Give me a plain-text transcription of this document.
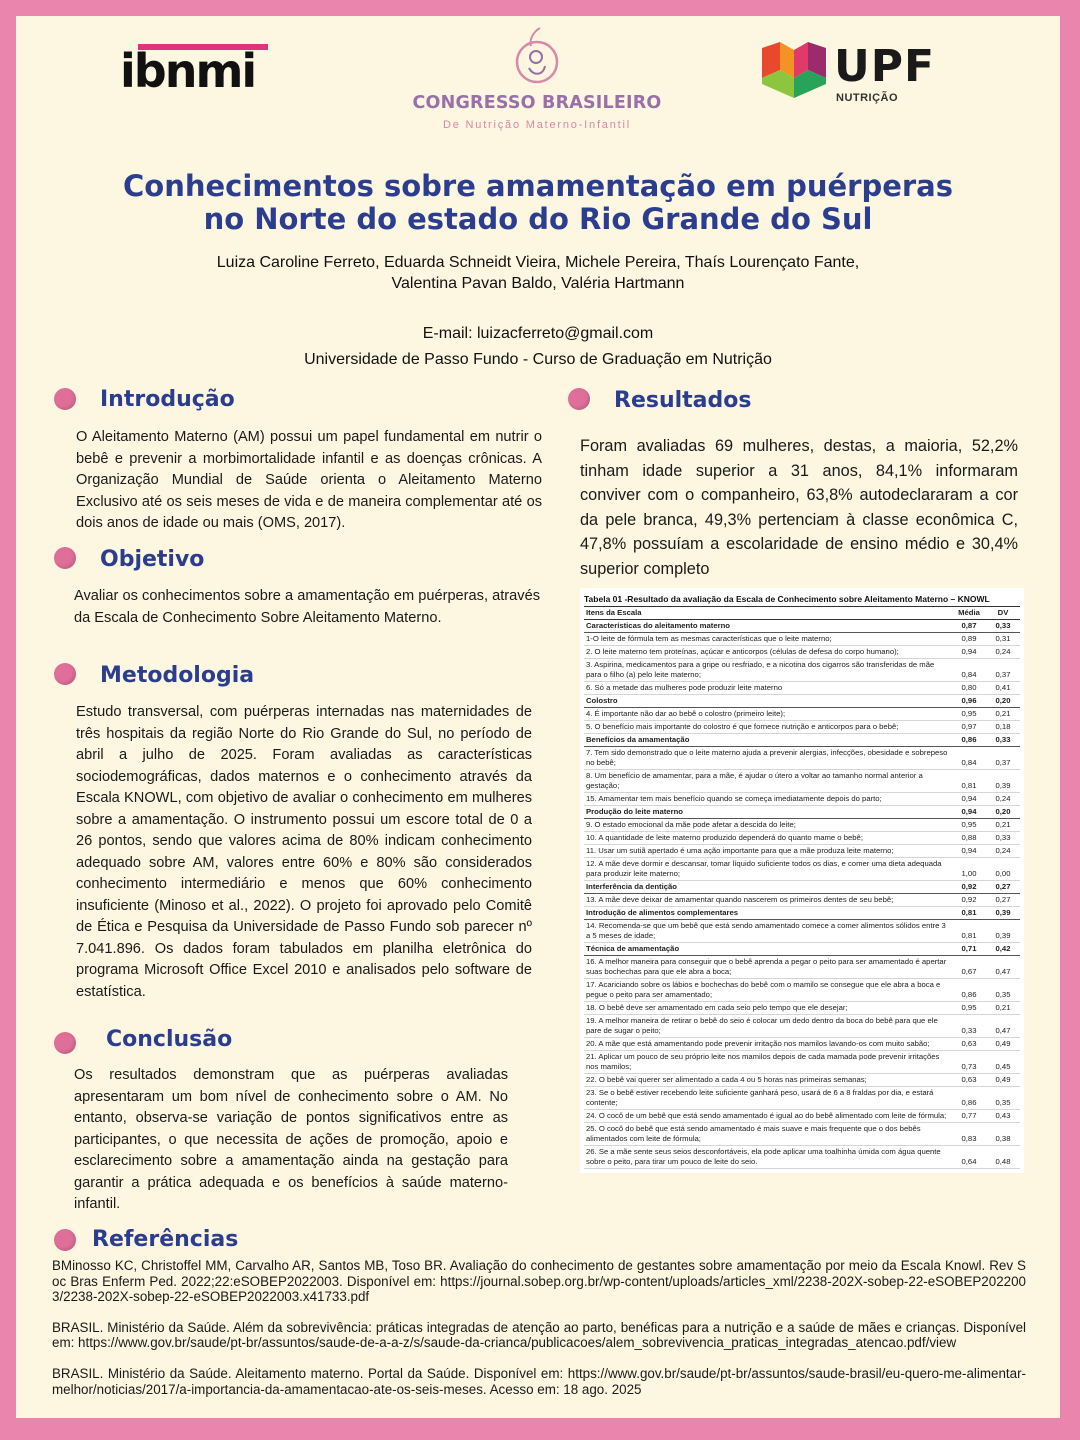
ibnmi
CONGRESSO BRASILEIRO
De Nutrição Materno-Infantil
UPF
NUTRIÇÃO
Conhecimentos sobre amamentação em puérperas
no Norte do estado do Rio Grande do Sul
Luiza Caroline Ferreto, Eduarda Schneidt Vieira, Michele Pereira, Thaís Lourençato Fante,
Valentina Pavan Baldo, Valéria Hartmann
E-mail: luizacferreto@gmail.com
Universidade de Passo Fundo - Curso de Graduação em Nutrição
Introdução
O Aleitamento Materno (AM) possui um papel fundamental em nutrir o bebê e prevenir a morbimortalidade infantil e as doenças crônicas. A Organização Mundial de Saúde orienta o Aleitamento Materno Exclusivo até os seis meses de vida e de maneira complementar até os dois anos de idade ou mais (OMS, 2017).
Objetivo
Avaliar os conhecimentos sobre a amamentação em puérperas, através da Escala de Conhecimento Sobre Aleitamento Materno.
Metodologia
Estudo transversal, com puérperas internadas nas maternidades de três hospitais da região Norte do Rio Grande do Sul, no período de abril a julho de 2025. Foram avaliadas as características sociodemográficas, dados maternos e o conhecimento através da Escala KNOWL, com objetivo de avaliar o conhecimento em mulheres sobre a amamentação. O instrumento possui um escore total de 0 a 26 pontos, sendo que valores acima de 80% indicam conhecimento adequado sobre AM, valores entre 60% e 80% são considerados conhecimento intermediário e menos que 60% conhecimento insuficiente (Minoso et al., 2022). O projeto foi aprovado pelo Comitê de Ética e Pesquisa da Universidade de Passo Fundo sob parecer nº 7.041.896. Os dados foram tabulados em planilha eletrônica do programa Microsoft Office Excel 2010 e analisados pelo software de estatística.
Conclusão
Os resultados demonstram que as puérperas avaliadas apresentaram um bom nível de conhecimento sobre o AM. No entanto, observa-se variação de pontos significativos entre as participantes, o que necessita de ações de promoção, apoio e esclarecimento sobre a amamentação ainda na gestação para garantir a prática adequada e os benefícios à saúde materno-infantil.
Resultados
Foram avaliadas 69 mulheres, destas, a maioria, 52,2% tinham idade superior a 31 anos, 84,1% informaram conviver com o companheiro, 63,8% autodeclararam a cor da pele branca, 49,3% pertenciam à classe econômica C, 47,8% possuíam a escolaridade de ensino médio e 30,4% superior completo
Tabela 01 -Resultado da avaliação da Escala de Conhecimento sobre Aleitamento Materno – KNOWL
Itens da Escala	Média	DV
Características do aleitamento materno	0,87	0,33
1-O leite de fórmula tem as mesmas características que o leite materno;	0,89	0,31
2. O leite materno tem proteínas, açúcar e anticorpos (células de defesa do corpo humano);	0,94	0,24
3. Aspirina, medicamentos para a gripe ou resfriado, e a nicotina dos cigarros são transferidas de mãe para o filho (a) pelo leite materno;	0,84	0,37
6. Só a metade das mulheres pode produzir leite materno	0,80	0,41
Colostro	0,96	0,20
4. É importante não dar ao bebê o colostro (primeiro leite);	0,95	0,21
5. O benefício mais importante do colostro é que fornece nutrição e anticorpos para o bebê;	0,97	0,18
Benefícios da amamentação	0,86	0,33
7. Tem sido demonstrado que o leite materno ajuda a prevenir alergias, infecções, obesidade e sobrepeso no bebê;	0,84	0,37
8. Um benefício de amamentar, para a mãe, é ajudar o útero a voltar ao tamanho normal anterior a gestação;	0,81	0,39
15. Amamentar tem mais benefício quando se começa imediatamente depois do parto;	0,94	0,24
Produção do leite materno	0,94	0,20
9. O estado emocional da mãe pode afetar a descida do leite;	0,95	0,21
10. A quantidade de leite materno produzido dependerá do quanto mame o bebê;	0,88	0,33
11. Usar um sutiã apertado é uma ação importante para que a mãe produza leite materno;	0,94	0,24
12. A mãe deve dormir e descansar, tomar líquido suficiente todos os dias, e comer uma dieta adequada para produzir leite materno;	1,00	0,00
Interferência da dentição	0,92	0,27
13. A mãe deve deixar de amamentar quando nascerem os primeiros dentes de seu bebê;	0,92	0,27
Introdução de alimentos complementares	0,81	0,39
14. Recomenda-se que um bebê que está sendo amamentado comece a comer alimentos sólidos entre 3 a 5 meses de idade;	0,81	0,39
Técnica de amamentação	0,71	0,42
16. A melhor maneira para conseguir que o bebê aprenda a pegar o peito para ser amamentado é apertar suas bochechas para que ele abra a boca;	0,67	0,47
17. Acariciando sobre os lábios e bochechas do bebê com o mamilo se consegue que ele abra a boca e pegue o peito para ser amamentado;	0,86	0,35
18. O bebê deve ser amamentado em cada seio pelo tempo que ele desejar;	0,95	0,21
19. A melhor maneira de retirar o bebê do seio é colocar um dedo dentro da boca do bebê para que ele pare de sugar o peito;	0,33	0,47
20. A mãe que está amamentando pode prevenir irritação nos mamilos lavando-os com muito sabão;	0,63	0,49
21. Aplicar um pouco de seu próprio leite nos mamilos depois de cada mamada pode prevenir irritações nos mamilos;	0,73	0,45
22. O bebê vai querer ser alimentado a cada 4 ou 5 horas nas primeiras semanas;	0,63	0,49
23. Se o bebê estiver recebendo leite suficiente ganhará peso, usará de 6 a 8 fraldas por dia, e estará contente;	0,86	0,35
24. O cocô de um bebê que está sendo amamentado é igual ao do bebê alimentado com leite de fórmula;	0,77	0,43
25. O cocô do bebê que está sendo amamentado é mais suave e mais frequente que o dos bebês alimentados com leite de fórmula;	0,83	0,38
26. Se a mãe sente seus seios desconfortáveis, ela pode aplicar uma toalhinha úmida com água quente sobre o peito, para tirar um pouco de leite do seio.	0,64	0,48
Referências

BMinosso KC, Christoffel MM, Carvalho AR, Santos MB, Toso BR. Avaliação do conhecimento de gestantes sobre amamentação por meio da Escala Knowl. Rev Soc Bras Enferm Ped. 2022;22:eSOBEP2022003. Disponível em: https://journal.sobep.org.br/wp-content/uploads/articles_xml/2238-202X-sobep-22-eSOBEP2022003/2238-202X-sobep-22-eSOBEP2022003.x41733.pdf

BRASIL. Ministério da Saúde. Além da sobrevivência: práticas integradas de atenção ao parto, benéficas para a nutrição e a saúde de mães e crianças. Disponível em: https://www.gov.br/saude/pt-br/assuntos/saude-de-a-a-z/s/saude-da-crianca/publicacoes/alem_sobrevivencia_praticas_integradas_atencao.pdf/view

BRASIL. Ministério da Saúde. Aleitamento materno. Portal da Saúde. Disponível em: https://www.gov.br/saude/pt-br/assuntos/saude-brasil/eu-quero-me-alimentar-melhor/noticias/2017/a-importancia-da-amamentacao-ate-os-seis-meses. Acesso em: 18 ago. 2025
